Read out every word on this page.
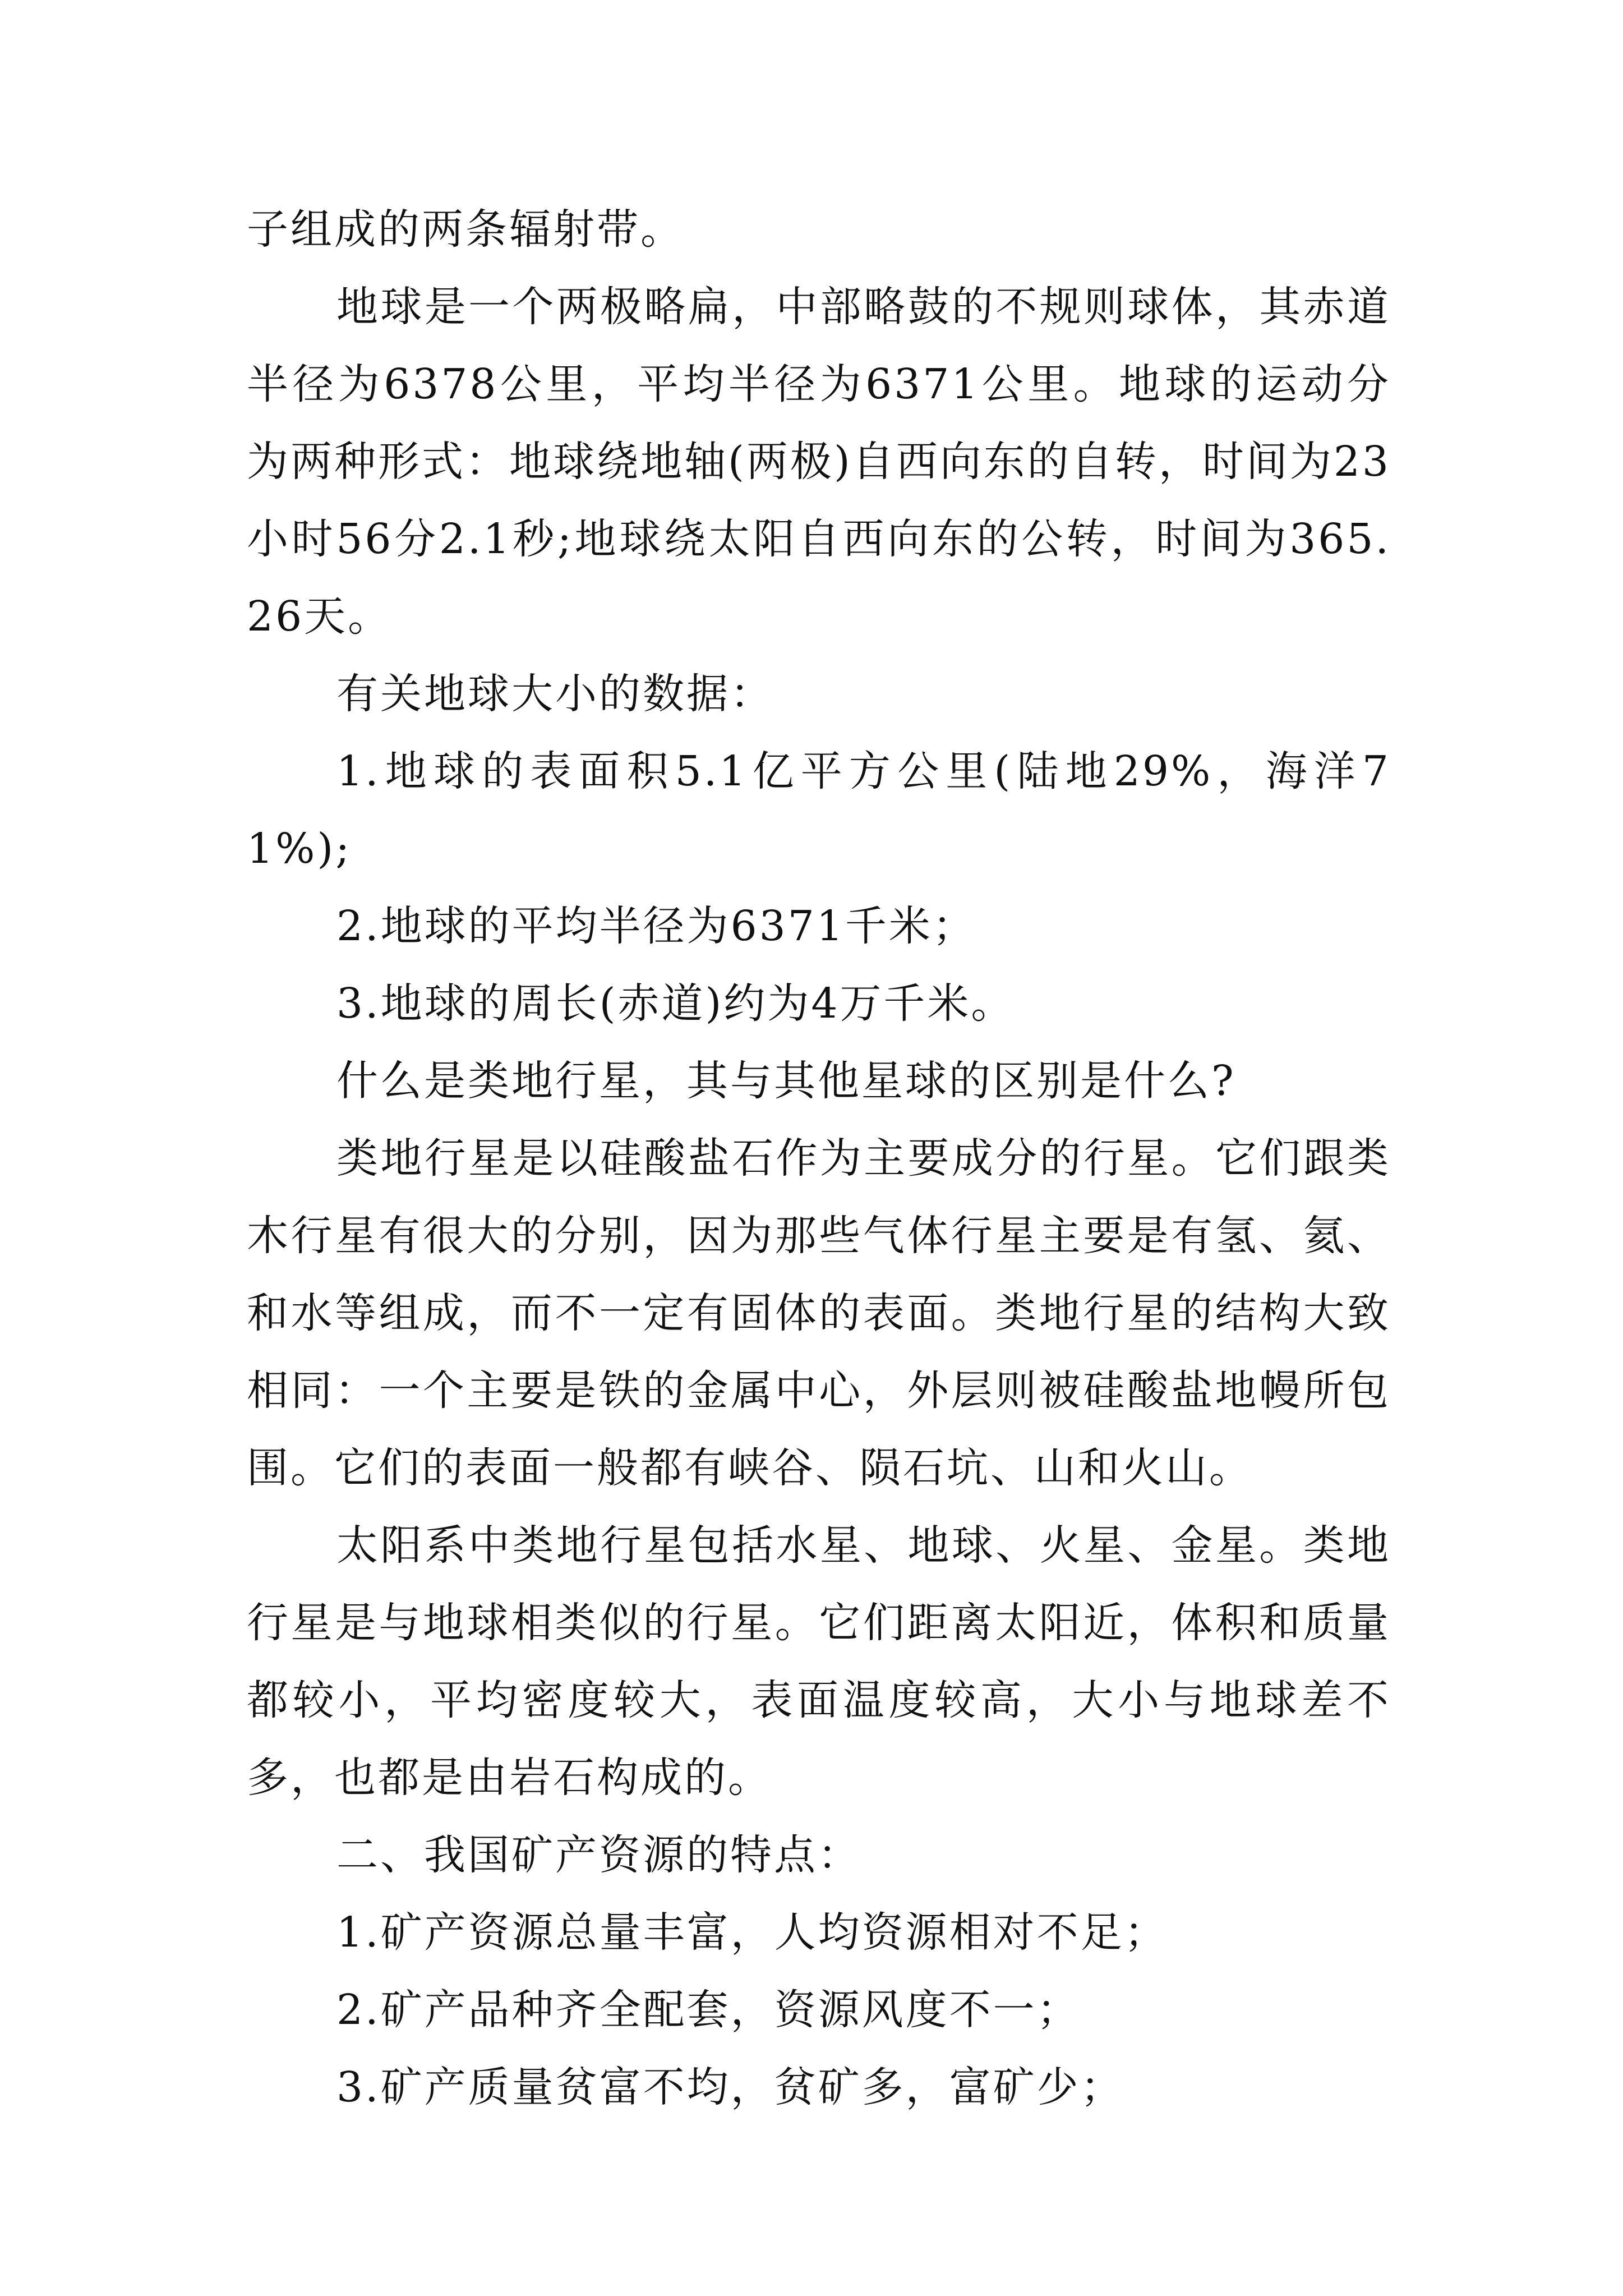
子组成的两条辐射带。

地球是一个两极略扁，中部略鼓的不规则球体，其赤道半径为6378公里，平均半径为6371公里。地球的运动分为两种形式：地球绕地轴(两极)自西向东的自转，时间为23小时56分2.1秒;地球绕太阳自西向东的公转，时间为365.26天。

有关地球大小的数据：

1.地球的表面积5.1亿平方公里(陆地29%，海洋71%);

2.地球的平均半径为6371千米；

3.地球的周长(赤道)约为4万千米。

什么是类地行星，其与其他星球的区别是什么?

类地行星是以硅酸盐石作为主要成分的行星。它们跟类木行星有很大的分别，因为那些气体行星主要是有氢、氦、和水等组成，而不一定有固体的表面。类地行星的结构大致相同：一个主要是铁的金属中心，外层则被硅酸盐地幔所包围。它们的表面一般都有峡谷、陨石坑、山和火山。

太阳系中类地行星包括水星、地球、火星、金星。类地行星是与地球相类似的行星。它们距离太阳近，体积和质量都较小，平均密度较大，表面温度较高，大小与地球差不多，也都是由岩石构成的。

二、我国矿产资源的特点：

1.矿产资源总量丰富，人均资源相对不足；

2.矿产品种齐全配套，资源风度不一；

3.矿产质量贫富不均，贫矿多，富矿少；
